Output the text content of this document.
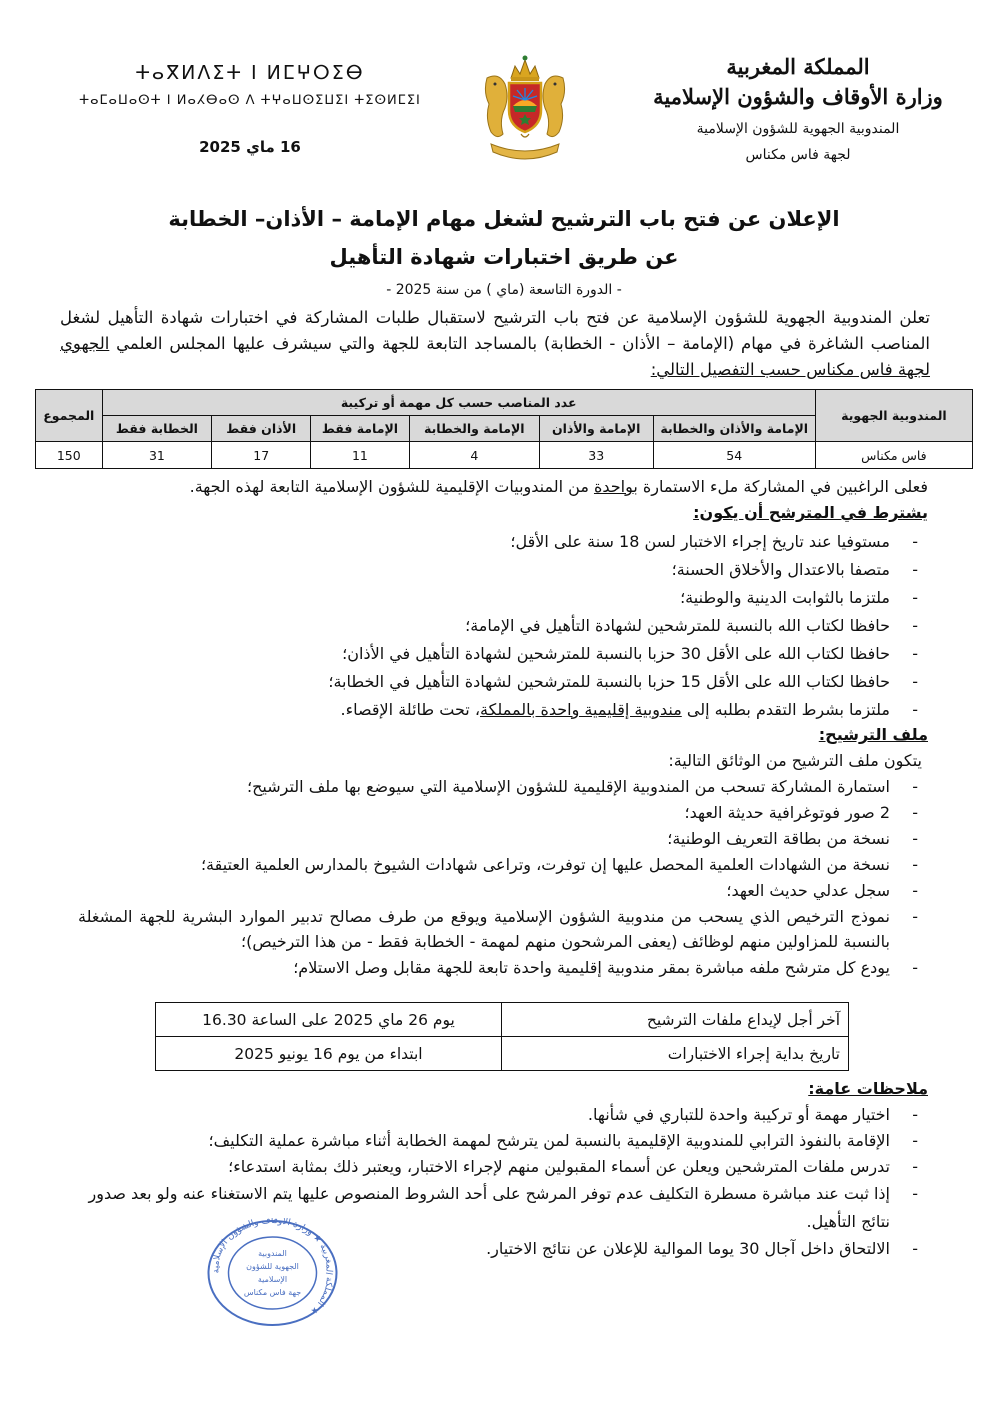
المملكة المغربية
وزارة الأوقاف والشؤون الإسلامية
المندوبية الجهوية للشؤون الإسلامية
لجهة فاس مكناس
ⵜⴰⴳⵍⴷⵉⵜ ⵏ ⵍⵎⵖⵔⵉⴱ
ⵜⴰⵎⴰⵡⴰⵙⵜ ⵏ ⵍⴰⵃⴱⴰⵙ ⴷ ⵜⵖⴰⵡⵙⵉⵡⵉⵏ ⵜⵉⵙⵍⵎⵉⵏ
16 ماي 2025
الإعلان عن فتح باب الترشيح لشغل مهام الإمامة – الأذان– الخطابة
عن طريق اختبارات شهادة التأهيل
- الدورة التاسعة (ماي ) من سنة 2025 -
تعلن المندوبية الجهوية للشؤون الإسلامية عن فتح باب الترشيح لاستقبال طلبات المشاركة في اختبارات شهادة التأهيل لشغل المناصب الشاغرة في مهام (الإمامة – الأذان - الخطابة) بالمساجد التابعة للجهة والتي سيشرف عليها المجلس العلمي الجهوي لجهة فاس مكناس حسب التفصيل التالي:
المندوبية الجهوية	عدد المناصب حسب كل مهمة أو تركيبة						المجموع
	الإمامة والأذان والخطابة	الإمامة والأذان	الإمامة والخطابة	الإمامة فقط	الأذان فقط	الخطابة فقط	
فاس مكناس	54	33	4	11	17	31	150
فعلى الراغبين في المشاركة ملء الاستمارة بواحدة من المندوبيات الإقليمية للشؤون الإسلامية التابعة لهذه الجهة.
يشترط في المترشح أن يكون:
- مستوفيا عند تاريخ إجراء الاختبار لسن 18 سنة على الأقل؛
- متصفا بالاعتدال والأخلاق الحسنة؛
- ملتزما بالثوابت الدينية والوطنية؛
- حافظا لكتاب الله بالنسبة للمترشحين لشهادة التأهيل في الإمامة؛
- حافظا لكتاب الله على الأقل 30 حزبا بالنسبة للمترشحين لشهادة التأهيل في الأذان؛
- حافظا لكتاب الله على الأقل 15 حزبا بالنسبة للمترشحين لشهادة التأهيل في الخطابة؛
- ملتزما بشرط التقدم بطلبه إلى مندوبية إقليمية واحدة بالمملكة، تحت طائلة الإقصاء.
ملف الترشيح:
يتكون ملف الترشيح من الوثائق التالية:
- استمارة المشاركة تسحب من المندوبية الإقليمية للشؤون الإسلامية التي سيوضع بها ملف الترشيح؛
- 2 صور فوتوغرافية حديثة العهد؛
- نسخة من بطاقة التعريف الوطنية؛
- نسخة من الشهادات العلمية المحصل عليها إن توفرت، وتراعى شهادات الشيوخ بالمدارس العلمية العتيقة؛
- سجل عدلي حديث العهد؛
- نموذج الترخيص الذي يسحب من مندوبية الشؤون الإسلامية ويوقع من طرف مصالح تدبير الموارد البشرية للجهة المشغلة بالنسبة للمزاولين منهم لوظائف (يعفى المرشحون منهم لمهمة - الخطابة فقط - من هذا الترخيص)؛
- يودع كل مترشح ملفه مباشرة بمقر مندوبية إقليمية واحدة تابعة للجهة مقابل وصل الاستلام؛
آخر أجل لإيداع ملفات الترشيح	يوم 26 ماي 2025 على الساعة 16.30
تاريخ بداية إجراء الاختبارات	ابتداء من يوم 16 يونيو 2025
ملاحظات عامة:
- اختيار مهمة أو تركيبة واحدة للتباري في شأنها.
- الإقامة بالنفوذ الترابي للمندوبية الإقليمية بالنسبة لمن يترشح لمهمة الخطابة أثناء مباشرة عملية التكليف؛
- تدرس ملفات المترشحين ويعلن عن أسماء المقبولين منهم لإجراء الاختبار، ويعتبر ذلك بمثابة استدعاء؛
- إذا ثبت عند مباشرة مسطرة التكليف عدم توفر المرشح على أحد الشروط المنصوص عليها يتم الاستغناء عنه ولو بعد صدور نتائج التأهيل.
- الالتحاق داخل آجال 30 يوما الموالية للإعلان عن نتائج الاختيار.
المملكة المغربية ★ وزارة الأوقاف والشؤون الإسلامية ★
المندوبية
الجهوية للشؤون
الإسلامية
جهة فاس مكناس
